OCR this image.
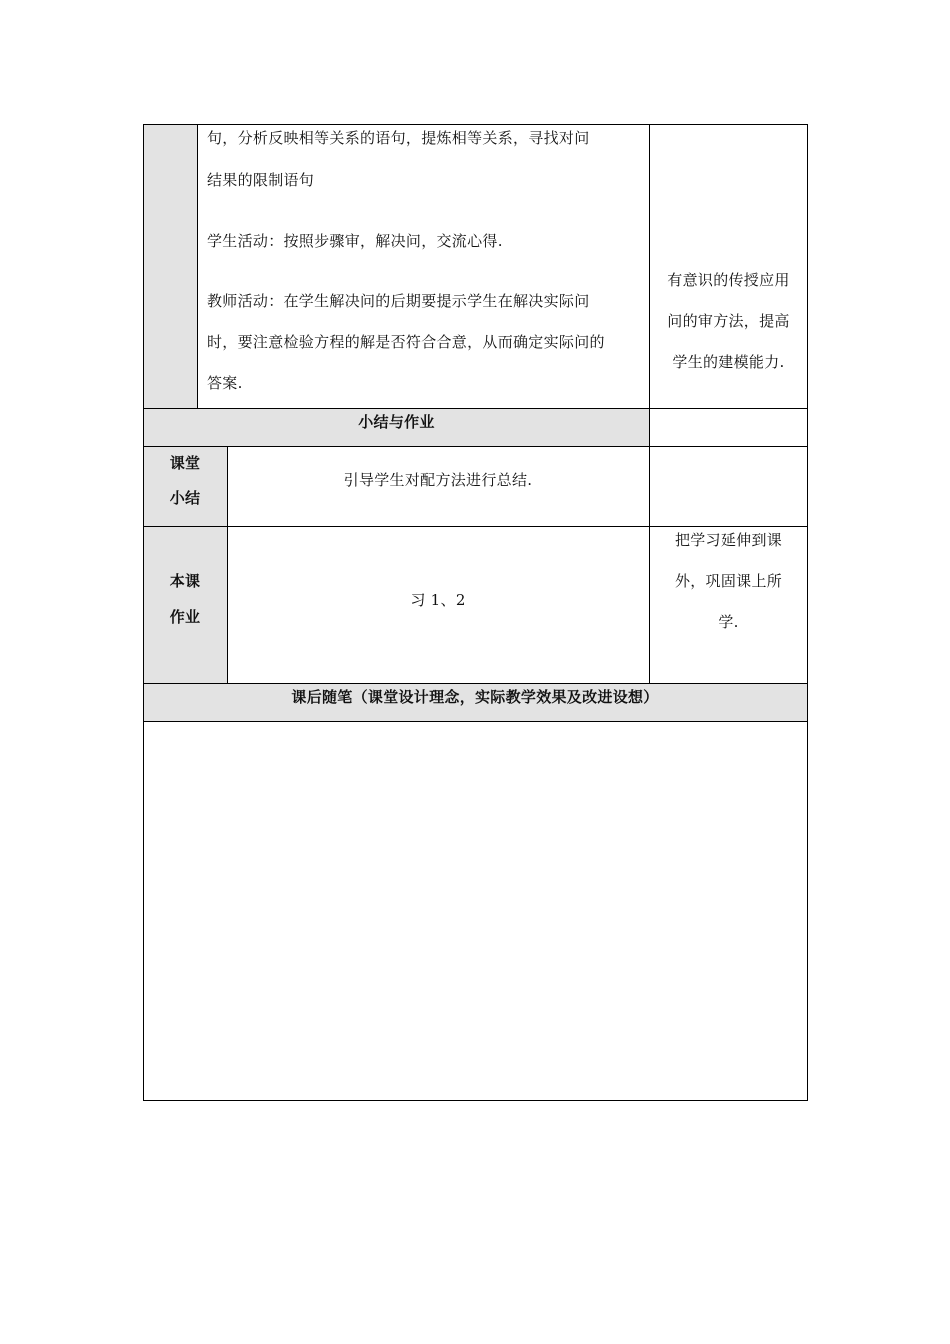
句，分析反映相等关系的语句，提炼相等关系，寻找对问
结果的限制语句
学生活动：按照步骤审，解决问，交流心得.
教师活动：在学生解决问的后期要提示学生在解决实际问
时，要注意检验方程的解是否符合合意，从而确定实际问的
答案.
有意识的传授应用
问的审方法，提高
学生的建模能力.
小结与作业
课堂
小结
引导学生对配方法进行总结.
本课
作业
习 1、2
把学习延伸到课
外，巩固课上所
学.
课后随笔（课堂设计理念，实际教学效果及改进设想）
